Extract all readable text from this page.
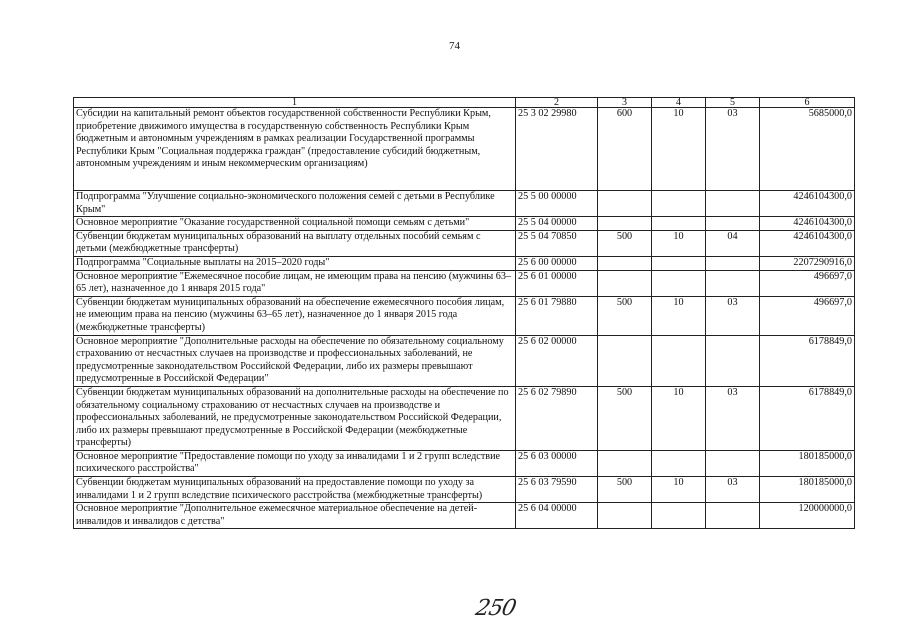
74
1	2	3	4	5	6
Субсидии на капитальный ремонт объектов государственной собственности Республики Крым, приобретение движимого имущества в государственную собственность Республики Крым бюджетным и автономным учреждениям в рамках реализации Государственной программы Республики Крым "Социальная поддержка граждан" (предоставление субсидий бюджетным, автономным учреждениям и иным некоммерческим организациям)	25 3 02 29980	600	10	03	5685000,0
Подпрограмма "Улучшение социально-экономического положения семей с детьми в Республике Крым"	25 5 00 00000				4246104300,0
Основное мероприятие "Оказание государственной социальной помощи семьям с детьми"	25 5 04 00000				4246104300,0
Субвенции бюджетам муниципальных образований на выплату отдельных пособий семьям с детьми (межбюджетные трансферты)	25 5 04 70850	500	10	04	4246104300,0
Подпрограмма "Социальные выплаты на 2015–2020 годы"	25 6 00 00000				2207290916,0
Основное мероприятие "Ежемесячное пособие лицам, не имеющим права на пенсию (мужчины 63–65 лет), назначенное до 1 января 2015 года"	25 6 01 00000				496697,0
Субвенции бюджетам муниципальных образований на обеспечение ежемесячного пособия лицам, не имеющим права на пенсию (мужчины 63–65 лет), назначенное до 1 января 2015 года (межбюджетные трансферты)	25 6 01 79880	500	10	03	496697,0
Основное мероприятие "Дополнительные расходы на обеспечение по обязательному социальному страхованию от несчастных случаев на производстве и профессиональных заболеваний, не предусмотренные законодательством Российской Федерации, либо их размеры превышают предусмотренные в Российской Федерации"	25 6 02 00000				6178849,0
Субвенции бюджетам муниципальных образований на дополнительные расходы на обеспечение по обязательному социальному страхованию от несчастных случаев на производстве и профессиональных заболеваний, не предусмотренные законодательством Российской Федерации, либо их размеры превышают предусмотренные в Российской Федерации (межбюджетные трансферты)	25 6 02 79890	500	10	03	6178849,0
Основное мероприятие "Предоставление помощи по уходу за инвалидами 1 и 2 групп вследствие психического расстройства"	25 6 03 00000				180185000,0
Субвенции бюджетам муниципальных образований на предоставление помощи по уходу за инвалидами 1 и 2 групп вследствие психического расстройства (межбюджетные трансферты)	25 6 03 79590	500	10	03	180185000,0
Основное мероприятие "Дополнительное ежемесячное материальное обеспечение на детей-инвалидов и инвалидов с детства"	25 6 04 00000				120000000,0
250
